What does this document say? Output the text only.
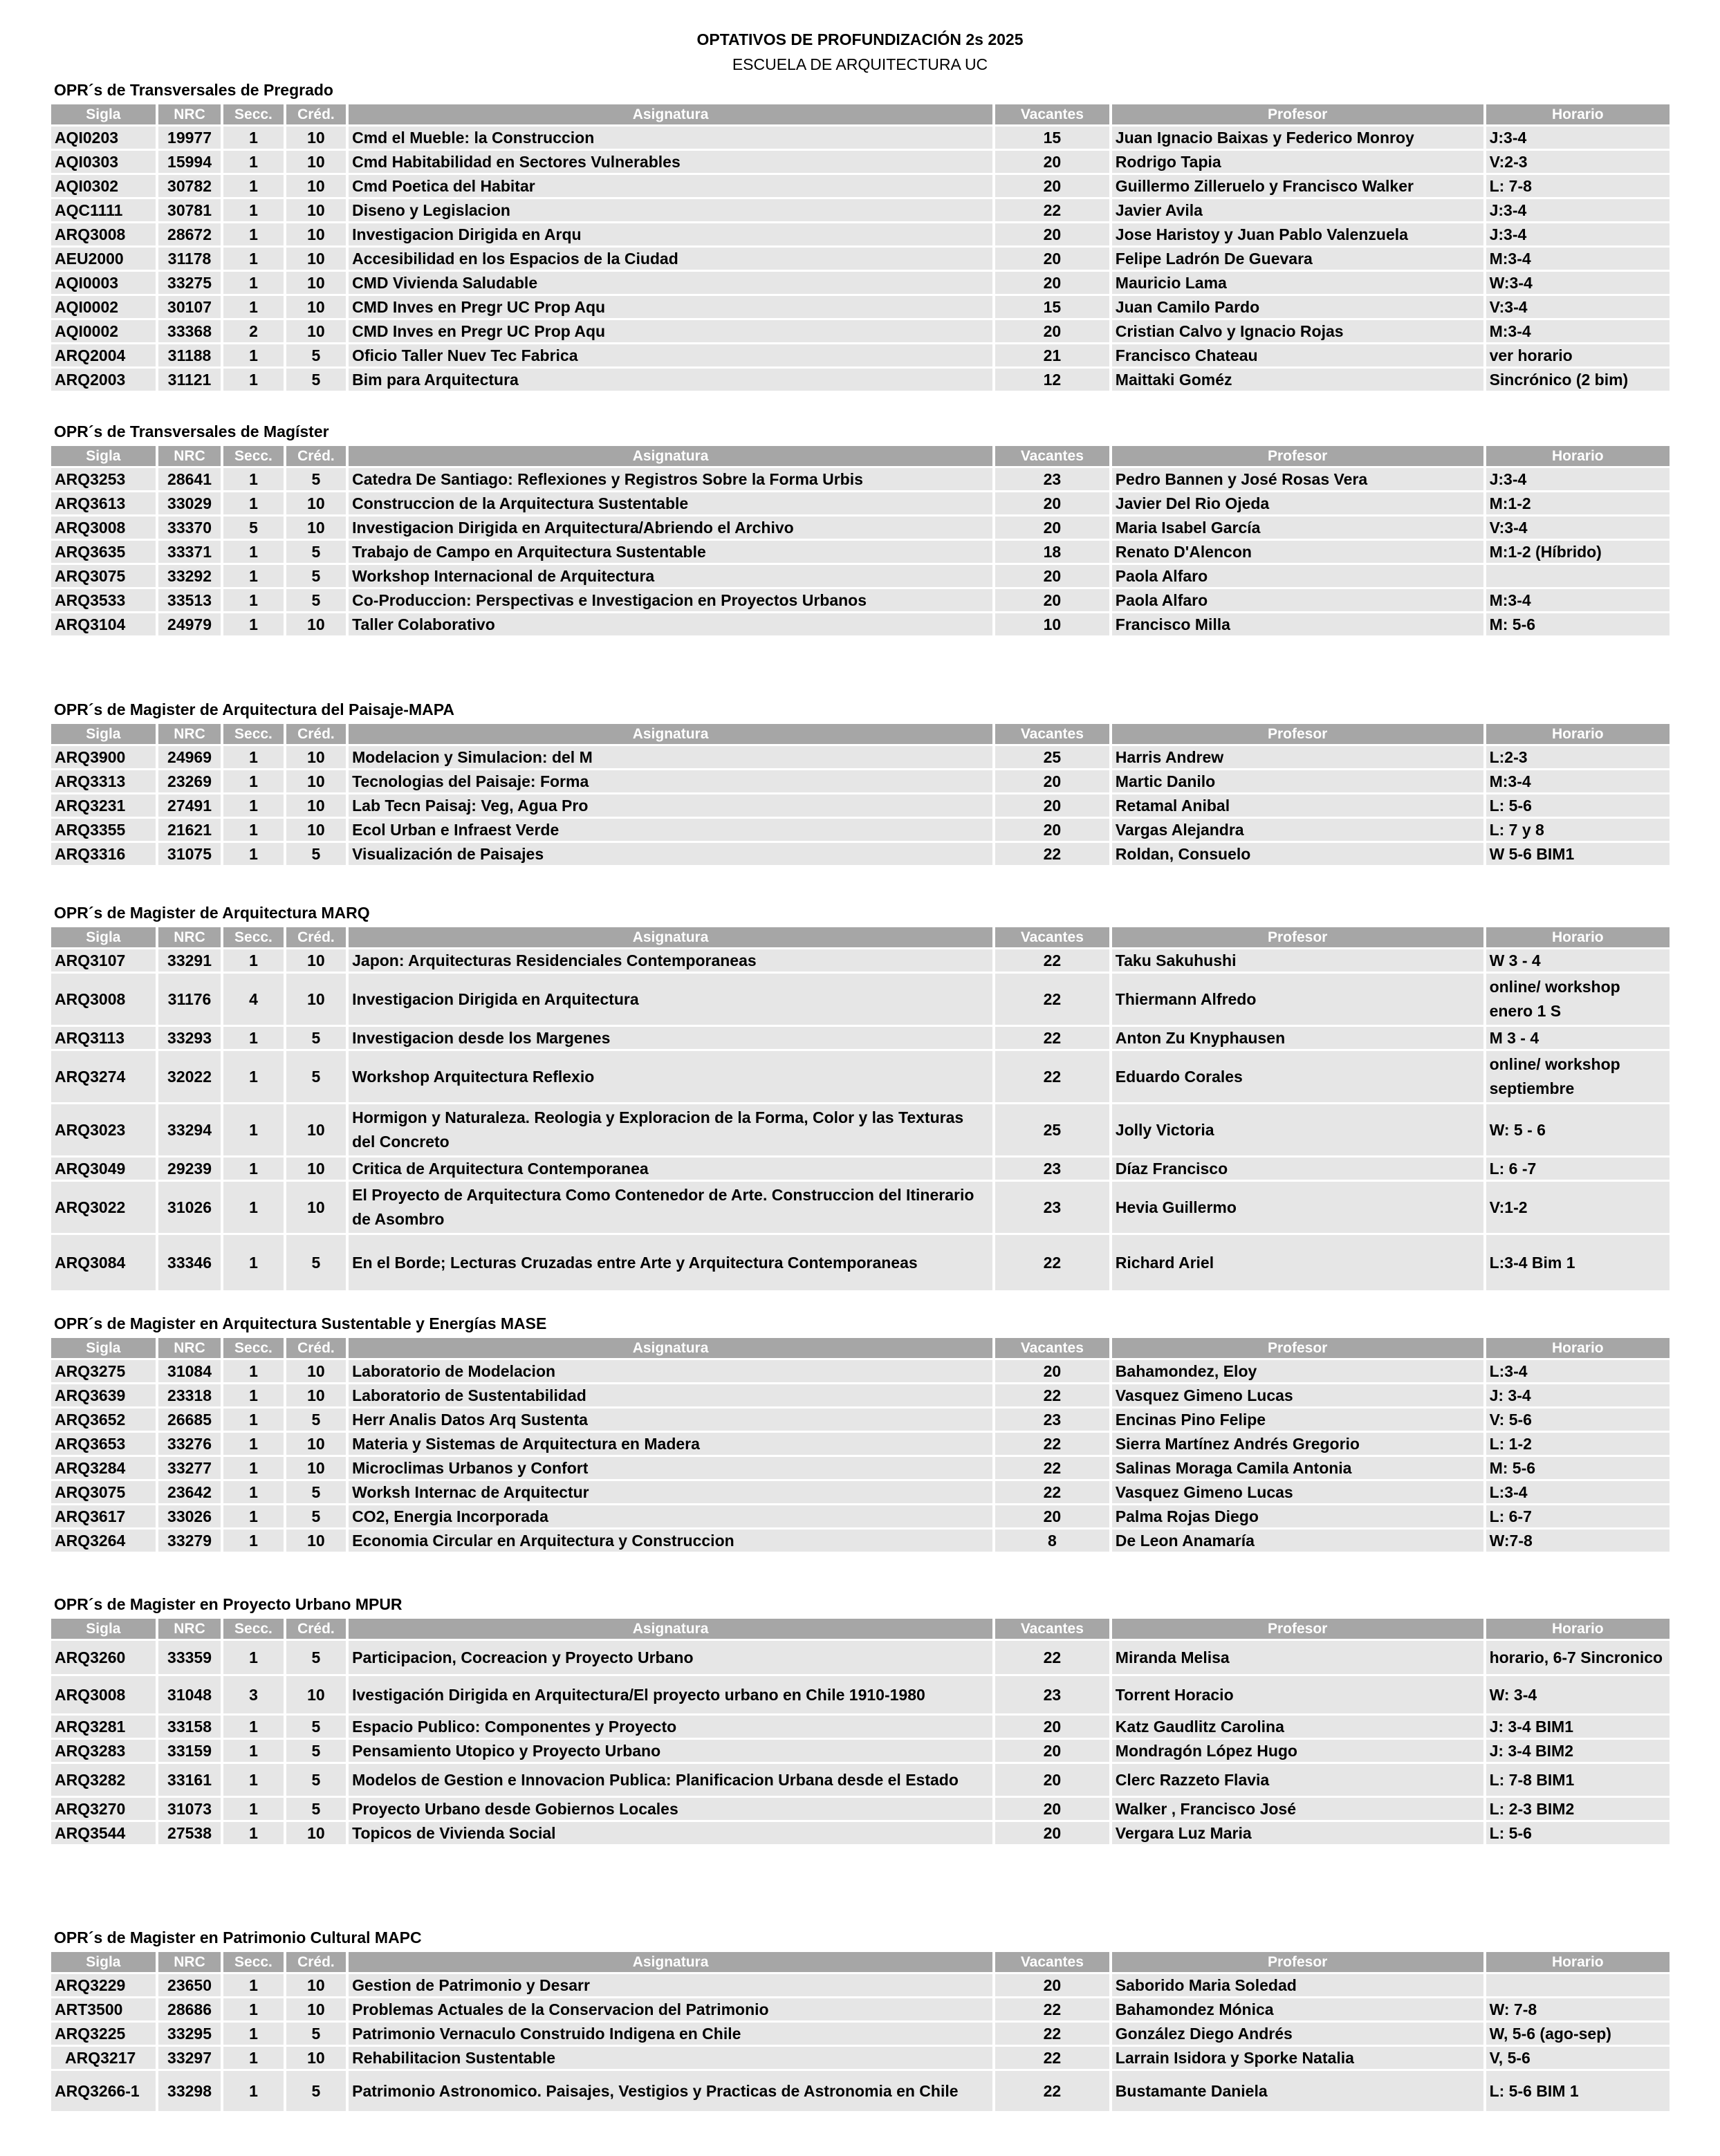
OPTATIVOS DE PROFUNDIZACIÓN 2s 2025
ESCUELA DE ARQUITECTURA UC
OPR´s de Transversales de Pregrado
Sigla	NRC	Secc.	Créd.	Asignatura	Vacantes	Profesor	Horario
AQI0203	19977	1	10	Cmd el Mueble: la Construccion	15	Juan Ignacio Baixas y Federico Monroy	J:3-4
AQI0303	15994	1	10	Cmd Habitabilidad en Sectores Vulnerables	20	Rodrigo Tapia	V:2-3
AQI0302	30782	1	10	Cmd Poetica del Habitar	20	Guillermo Zilleruelo y Francisco Walker	L: 7-8
AQC1111	30781	1	10	Diseno y Legislacion	22	Javier Avila	J:3-4
ARQ3008	28672	1	10	Investigacion Dirigida en Arqu	20	Jose Haristoy y Juan Pablo Valenzuela	J:3-4
AEU2000	31178	1	10	Accesibilidad en los Espacios de la Ciudad	20	Felipe Ladrón De Guevara	M:3-4
AQI0003	33275	1	10	CMD Vivienda Saludable	20	Mauricio Lama	W:3-4
AQI0002	30107	1	10	CMD Inves en Pregr UC Prop Aqu	15	Juan Camilo Pardo	V:3-4
AQI0002	33368	2	10	CMD Inves en Pregr UC Prop Aqu	20	Cristian Calvo y Ignacio Rojas	M:3-4
ARQ2004	31188	1	5	Oficio Taller Nuev Tec Fabrica	21	Francisco Chateau	ver horario
ARQ2003	31121	1	5	Bim para Arquitectura	12	Maittaki Goméz	Sincrónico (2 bim)
OPR´s de Transversales de Magíster
Sigla	NRC	Secc.	Créd.	Asignatura	Vacantes	Profesor	Horario
ARQ3253	28641	1	5	Catedra De Santiago: Reflexiones y Registros Sobre la Forma Urbis	23	Pedro Bannen y José Rosas Vera	J:3-4
ARQ3613	33029	1	10	Construccion de la Arquitectura Sustentable	20	Javier Del Rio Ojeda	M:1-2
ARQ3008	33370	5	10	Investigacion Dirigida en Arquitectura/Abriendo el Archivo	20	Maria Isabel García	V:3-4
ARQ3635	33371	1	5	Trabajo de Campo en Arquitectura Sustentable	18	Renato D'Alencon	M:1-2 (Híbrido)
ARQ3075	33292	1	5	Workshop Internacional de Arquitectura	20	Paola Alfaro	
ARQ3533	33513	1	5	Co-Produccion: Perspectivas e Investigacion en Proyectos Urbanos	20	Paola Alfaro	M:3-4
ARQ3104	24979	1	10	Taller Colaborativo	10	Francisco Milla	M: 5-6
OPR´s de Magister de Arquitectura del Paisaje-MAPA
Sigla	NRC	Secc.	Créd.	Asignatura	Vacantes	Profesor	Horario
ARQ3900	24969	1	10	Modelacion y Simulacion: del M	25	Harris Andrew	L:2-3
ARQ3313	23269	1	10	Tecnologias del Paisaje: Forma	20	Martic Danilo	M:3-4
ARQ3231	27491	1	10	Lab Tecn Paisaj: Veg, Agua Pro	20	Retamal Anibal	L: 5-6
ARQ3355	21621	1	10	Ecol Urban e Infraest Verde	20	Vargas Alejandra	L: 7 y 8
ARQ3316	31075	1	5	Visualización de Paisajes	22	Roldan, Consuelo	W 5-6 BIM1
OPR´s de Magister de Arquitectura MARQ
Sigla	NRC	Secc.	Créd.	Asignatura	Vacantes	Profesor	Horario
ARQ3107	33291	1	10	Japon: Arquitecturas Residenciales Contemporaneas	22	Taku Sakuhushi	W 3 - 4
ARQ3008	31176	4	10	Investigacion Dirigida en Arquitectura	22	Thiermann Alfredo	online/ workshop enero 1 S
ARQ3113	33293	1	5	Investigacion desde los Margenes	22	Anton Zu Knyphausen	M 3 - 4
ARQ3274	32022	1	5	Workshop Arquitectura Reflexio	22	Eduardo Corales	online/ workshop septiembre
ARQ3023	33294	1	10	Hormigon y Naturaleza. Reologia y Exploracion de la Forma, Color y las Texturas del Concreto	25	Jolly Victoria	W: 5 - 6
ARQ3049	29239	1	10	Critica de Arquitectura Contemporanea	23	Díaz Francisco	L: 6 -7
ARQ3022	31026	1	10	El Proyecto de Arquitectura Como Contenedor de Arte. Construccion del Itinerario de Asombro	23	Hevia Guillermo	V:1-2
ARQ3084	33346	1	5	En el Borde; Lecturas Cruzadas entre Arte y Arquitectura Contemporaneas	22	Richard Ariel	L:3-4 Bim 1
OPR´s de Magister en Arquitectura Sustentable y Energías MASE
Sigla	NRC	Secc.	Créd.	Asignatura	Vacantes	Profesor	Horario
ARQ3275	31084	1	10	Laboratorio de Modelacion	20	Bahamondez, Eloy	L:3-4
ARQ3639	23318	1	10	Laboratorio de Sustentabilidad	22	Vasquez Gimeno Lucas	J: 3-4
ARQ3652	26685	1	5	Herr Analis Datos Arq Sustenta	23	Encinas Pino Felipe	V: 5-6
ARQ3653	33276	1	10	Materia y Sistemas de Arquitectura en Madera	22	Sierra Martínez Andrés Gregorio	L: 1-2
ARQ3284	33277	1	10	Microclimas Urbanos y Confort	22	Salinas Moraga Camila Antonia	M: 5-6
ARQ3075	23642	1	5	Worksh Internac de Arquitectur	22	Vasquez Gimeno Lucas	L:3-4
ARQ3617	33026	1	5	CO2, Energia Incorporada	20	Palma Rojas Diego	L: 6-7
ARQ3264	33279	1	10	Economia Circular en Arquitectura y Construccion	8	De Leon Anamaría	W:7-8
OPR´s de Magister en Proyecto Urbano MPUR
Sigla	NRC	Secc.	Créd.	Asignatura	Vacantes	Profesor	Horario
ARQ3260	33359	1	5	Participacion, Cocreacion y Proyecto Urbano	22	Miranda Melisa	horario, 6-7 Sincronico
ARQ3008	31048	3	10	Ivestigación Dirigida en Arquitectura/El proyecto urbano en Chile 1910-1980	23	Torrent Horacio	W: 3-4
ARQ3281	33158	1	5	Espacio Publico: Componentes y Proyecto	20	Katz Gaudlitz Carolina	J: 3-4 BIM1
ARQ3283	33159	1	5	Pensamiento Utopico y Proyecto Urbano	20	Mondragón López Hugo	J: 3-4 BIM2
ARQ3282	33161	1	5	Modelos de Gestion e Innovacion Publica: Planificacion Urbana desde el Estado	20	Clerc Razzeto Flavia	L: 7-8 BIM1
ARQ3270	31073	1	5	Proyecto Urbano desde Gobiernos Locales	20	Walker , Francisco José	L: 2-3 BIM2
ARQ3544	27538	1	10	Topicos de Vivienda Social	20	Vergara Luz Maria	L: 5-6
OPR´s de Magister en Patrimonio Cultural MAPC
Sigla	NRC	Secc.	Créd.	Asignatura	Vacantes	Profesor	Horario
ARQ3229	23650	1	10	Gestion de Patrimonio y Desarr	20	Saborido Maria Soledad	
ART3500	28686	1	10	Problemas Actuales de la Conservacion del Patrimonio	22	Bahamondez Mónica	W: 7-8
ARQ3225	33295	1	5	Patrimonio Vernaculo Construido Indigena en Chile	22	González Diego Andrés	W, 5-6 (ago-sep)
ARQ3217	33297	1	10	Rehabilitacion Sustentable	22	Larrain Isidora y Sporke Natalia	V, 5-6
ARQ3266-1	33298	1	5	Patrimonio Astronomico. Paisajes, Vestigios y Practicas de Astronomia en Chile	22	Bustamante Daniela	L: 5-6 BIM 1
